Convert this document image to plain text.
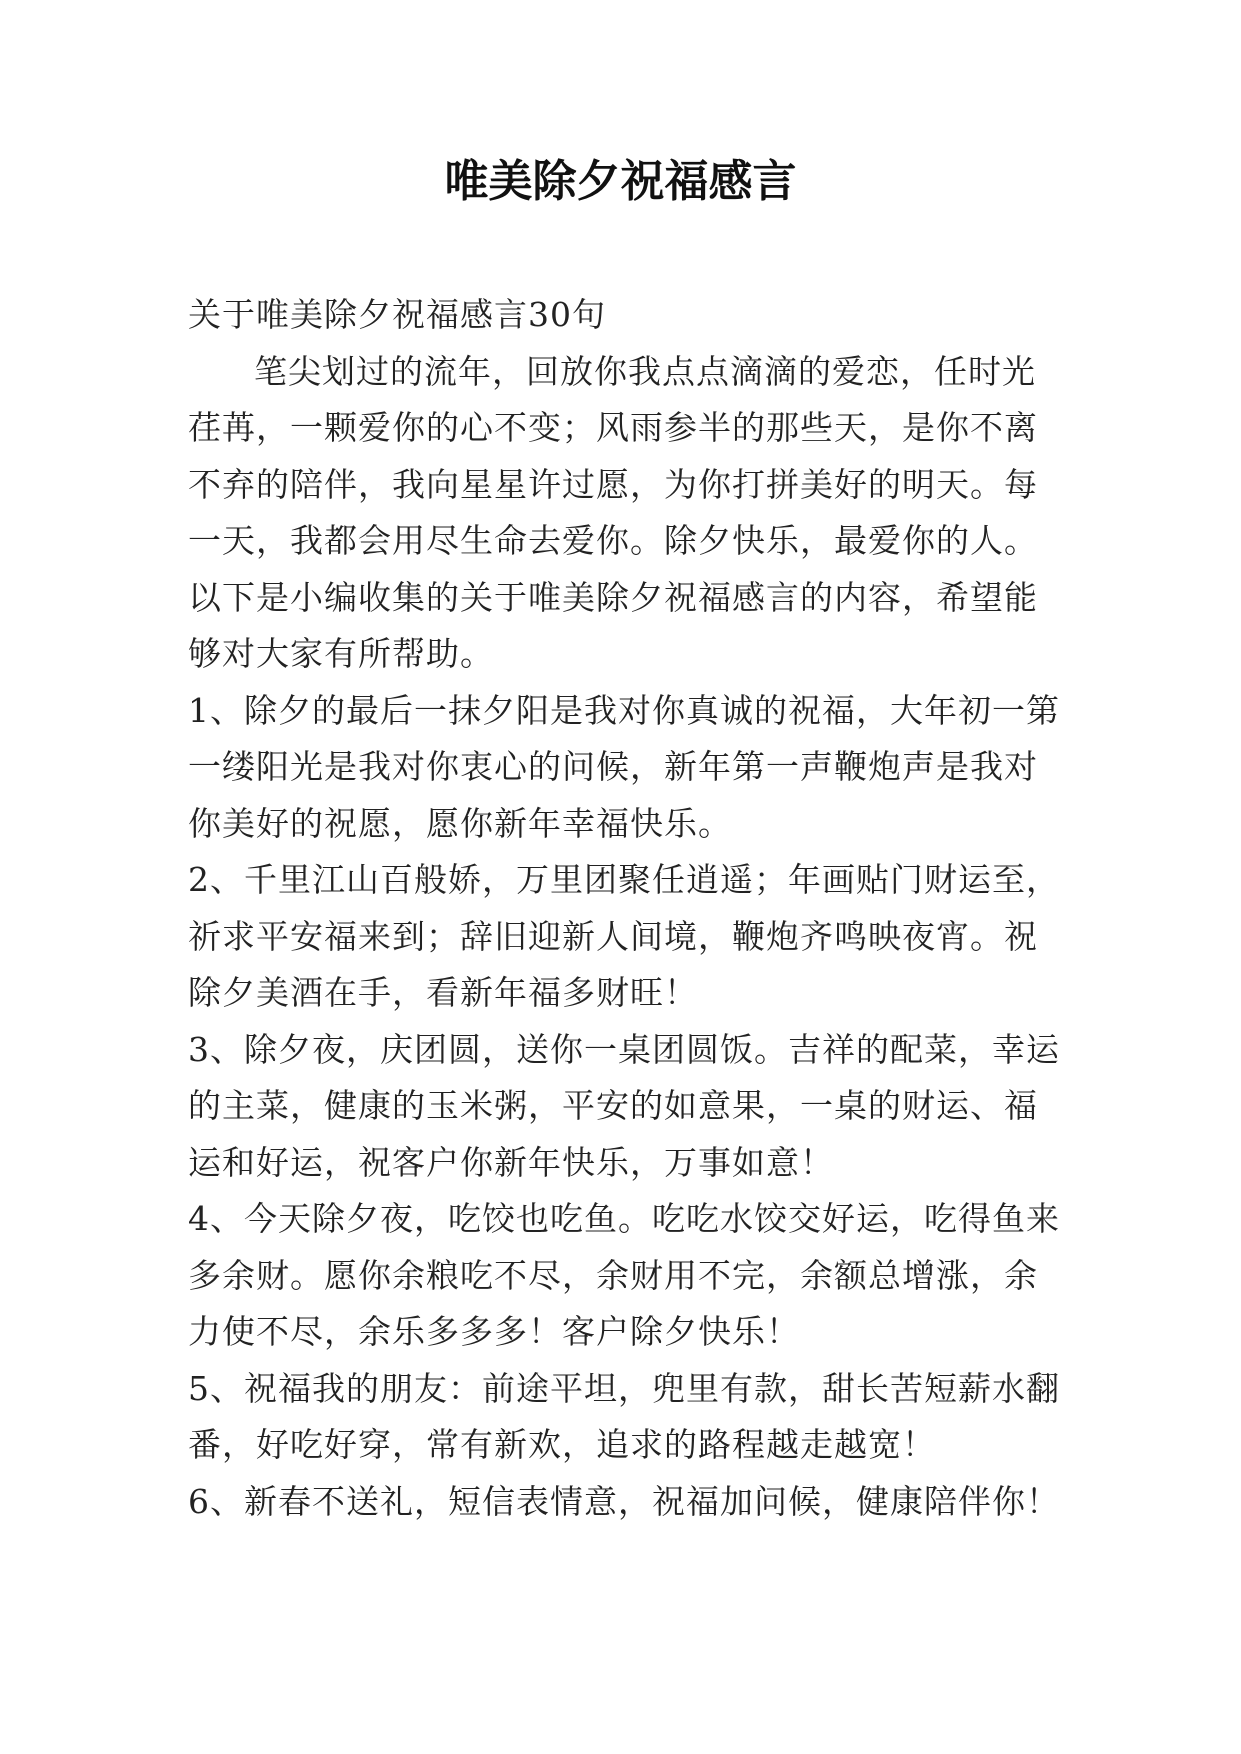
唯美除夕祝福感言

关于唯美除夕祝福感言30句

笔尖划过的流年，回放你我点点滴滴的爱恋，任时光荏苒，一颗爱你的心不变；风雨参半的那些天，是你不离不弃的陪伴，我向星星许过愿，为你打拼美好的明天。每一天，我都会用尽生命去爱你。除夕快乐，最爱你的人。以下是小编收集的关于唯美除夕祝福感言的内容，希望能够对大家有所帮助。

1、除夕的最后一抹夕阳是我对你真诚的祝福，大年初一第一缕阳光是我对你衷心的问候，新年第一声鞭炮声是我对你美好的祝愿，愿你新年幸福快乐。

2、千里江山百般娇，万里团聚任逍遥；年画贴门财运至，祈求平安福来到；辞旧迎新人间境，鞭炮齐鸣映夜宵。祝除夕美酒在手，看新年福多财旺！

3、除夕夜，庆团圆，送你一桌团圆饭。吉祥的配菜，幸运的主菜，健康的玉米粥，平安的如意果，一桌的财运、福运和好运，祝客户你新年快乐，万事如意！

4、今天除夕夜，吃饺也吃鱼。吃吃水饺交好运，吃得鱼来多余财。愿你余粮吃不尽，余财用不完，余额总增涨，余力使不尽，余乐多多多！客户除夕快乐！

5、祝福我的朋友：前途平坦，兜里有款，甜长苦短薪水翻番，好吃好穿，常有新欢，追求的路程越走越宽！

6、新春不送礼，短信表情意，祝福加问候，健康陪伴你！
